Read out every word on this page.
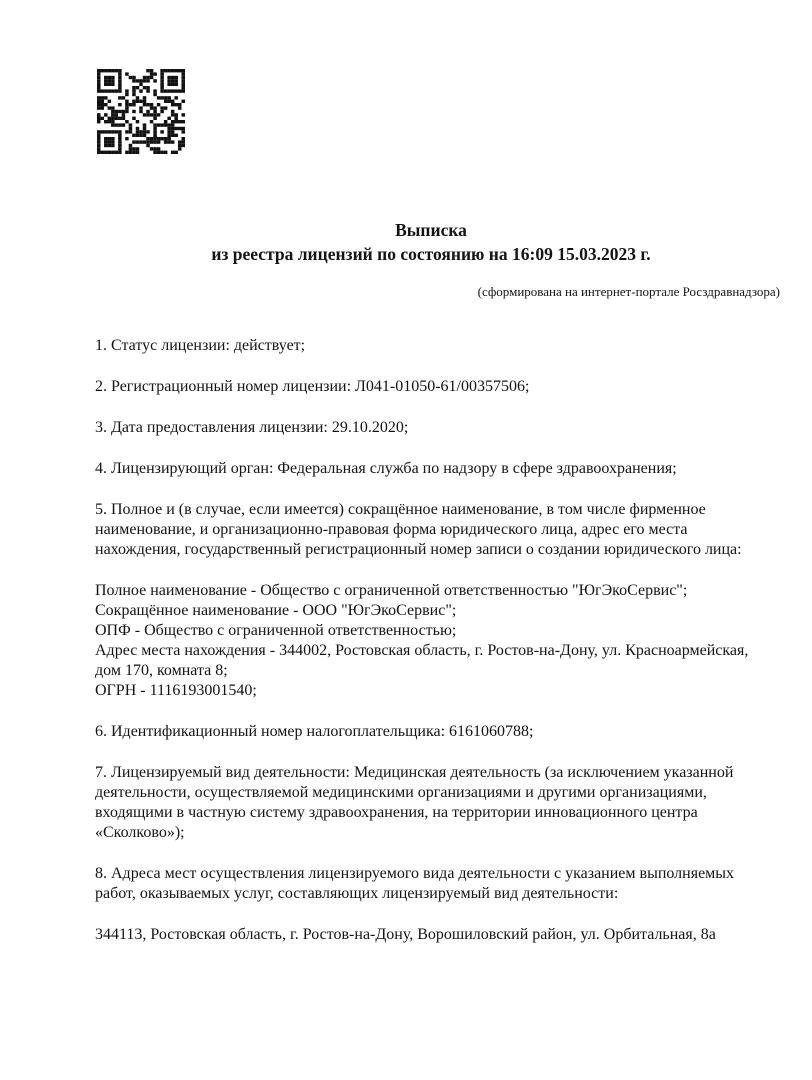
Выписка
из реестра лицензий по состоянию на 16:09 15.03.2023 г.
(сформирована на интернет-портале Росздравнадзора)
1. Статус лицензии: действует;
2. Регистрационный номер лицензии: Л041-01050-61/00357506;
3. Дата предоставления лицензии: 29.10.2020;
4. Лицензирующий орган: Федеральная служба по надзору в сфере здравоохранения;
5. Полное и (в случае, если имеется) сокращённое наименование, в том числе фирменное
наименование, и организационно-правовая форма юридического лица, адрес его места
нахождения, государственный регистрационный номер записи о создании юридического лица:
Полное наименование - Общество с ограниченной ответственностью "ЮгЭкоСервис";
Сокращённое наименование - ООО "ЮгЭкоСервис";
ОПФ - Общество с ограниченной ответственностью;
Адрес места нахождения - 344002, Ростовская область, г. Ростов-на-Дону, ул. Красноармейская,
дом 170, комната 8;
ОГРН - 1116193001540;
6. Идентификационный номер налогоплательщика: 6161060788;
7. Лицензируемый вид деятельности: Медицинская деятельность (за исключением указанной
деятельности, осуществляемой медицинскими организациями и другими организациями,
входящими в частную систему здравоохранения, на территории инновационного центра
«Сколково»);
8. Адреса мест осуществления лицензируемого вида деятельности с указанием выполняемых
работ, оказываемых услуг, составляющих лицензируемый вид деятельности:
344113, Ростовская область, г. Ростов-на-Дону, Ворошиловский район, ул. Орбитальная, 8а
